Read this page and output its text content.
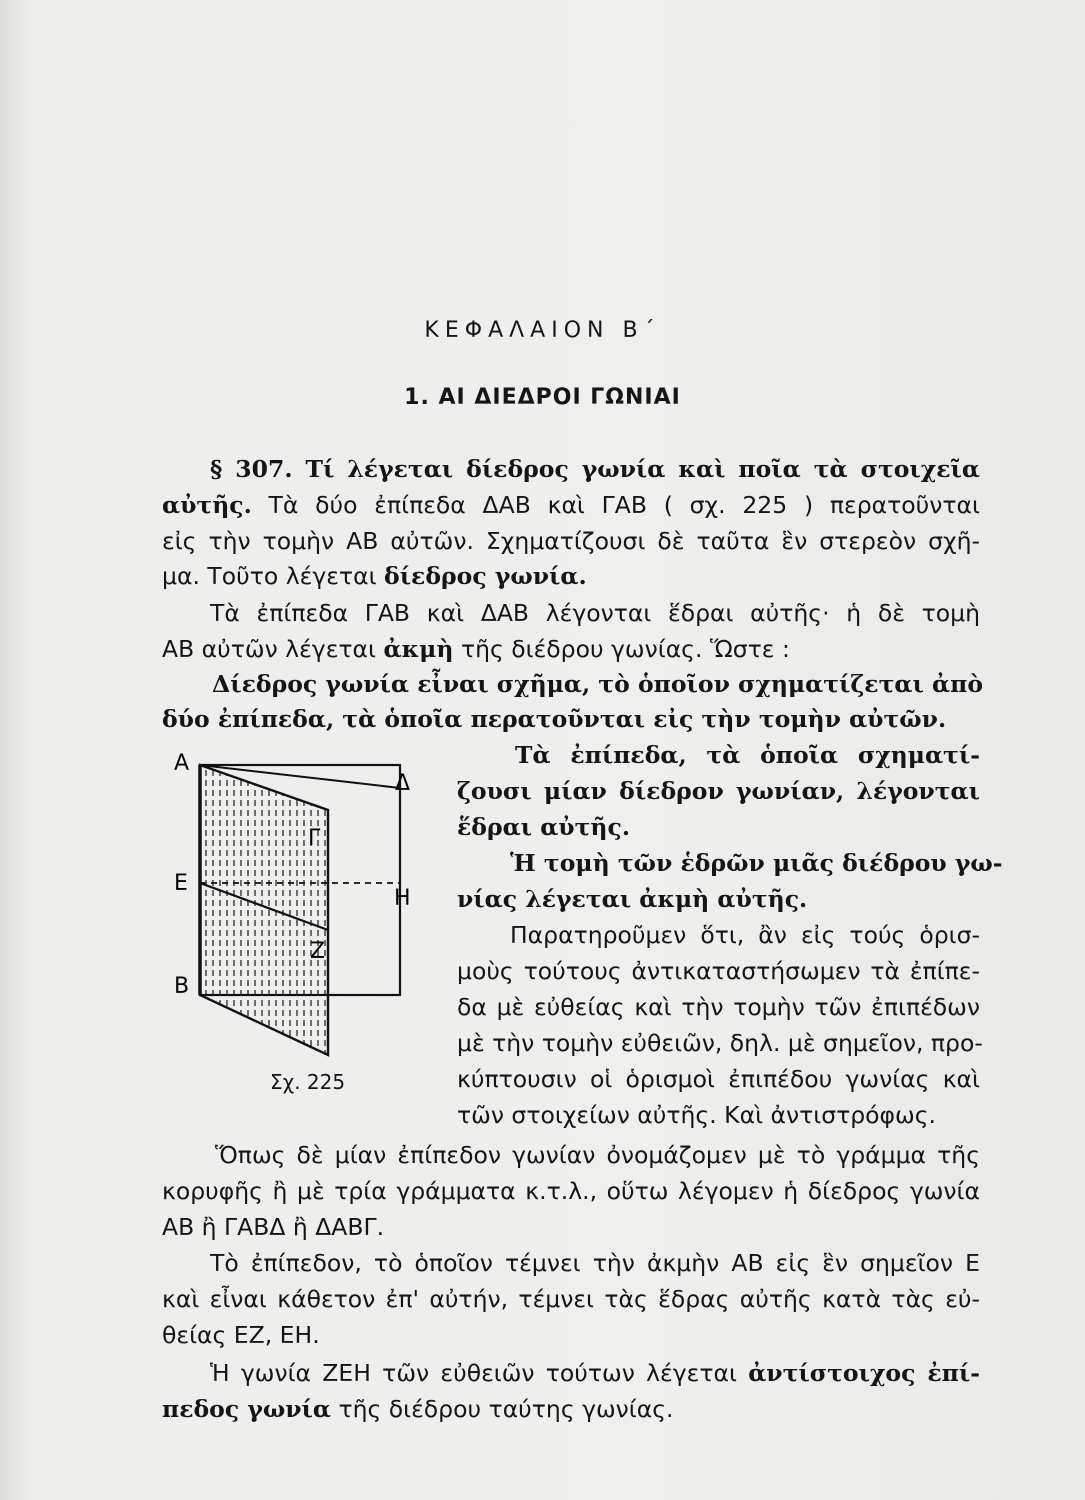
ΚΕΦΑΛΑΙΟΝ Β΄
1. ΑΙ ΔΙΕΔΡΟΙ ΓΩΝΙΑΙ
§ 307. Τί λέγεται δίεδρος γωνία καὶ ποῖα τὰ στοιχεῖα
αὐτῆς. Τὰ δύο ἐπίπεδα ΔΑΒ καὶ ΓΑΒ ( σχ. 225 ) περατοῦνται
εἰς τὴν τομὴν ΑΒ αὐτῶν. Σχηματίζουσι δὲ ταῦτα ἓν στερεὸν σχῆ-
μα. Τοῦτο λέγεται δίεδρος γωνία.
Τὰ ἐπίπεδα ΓΑΒ καὶ ΔΑΒ λέγονται ἕδραι αὐτῆς· ἡ δὲ τομὴ
ΑΒ αὐτῶν λέγεται ἀκμὴ τῆς διέδρου γωνίας. Ὥστε :
Δίεδρος γωνία εἶναι σχῆμα, τὸ ὁποῖον σχηματίζεται ἀπὸ
δύο ἐπίπεδα, τὰ ὁποῖα περατοῦνται εἰς τὴν τομὴν αὐτῶν.
Τὰ ἐπίπεδα, τὰ ὁποῖα σχηματί-
ζουσι μίαν δίεδρον γωνίαν, λέγονται
ἕδραι αὐτῆς.
Ἡ τομὴ τῶν ἑδρῶν μιᾶς διέδρου γω-
νίας λέγεται ἀκμὴ αὐτῆς.
Παρατηροῦμεν ὅτι, ἂν εἰς τούς ὁρισ-
μοὺς τούτους ἀντικαταστήσωμεν τὰ ἐπίπε-
δα μὲ εὐθείας καὶ τὴν τομὴν τῶν ἐπιπέδων
μὲ τὴν τομὴν εὐθειῶν, δηλ. μὲ σημεῖον, προ-
κύπτουσιν οἱ ὁρισμοὶ ἐπιπέδου γωνίας καὶ
τῶν στοιχείων αὐτῆς. Καὶ ἀντιστρόφως.
Ὅπως δὲ μίαν ἐπίπεδον γωνίαν ὀνομάζομεν μὲ τὸ γράμμα τῆς
κορυφῆς ἢ μὲ τρία γράμματα κ.τ.λ., οὕτω λέγομεν ἡ δίεδρος γωνία
ΑΒ ἢ ΓΑΒΔ ἢ ΔΑΒΓ.
Τὸ ἐπίπεδον, τὸ ὁποῖον τέμνει τὴν ἀκμὴν ΑΒ εἰς ἓν σημεῖον Ε
καὶ εἶναι κάθετον ἐπ' αὐτήν, τέμνει τὰς ἕδρας αὐτῆς κατὰ τὰς εὐ-
θείας ΕΖ, ΕΗ.
Ἡ γωνία ΖΕΗ τῶν εὐθειῶν τούτων λέγεται ἀντίστοιχος ἐπί-
πεδος γωνία τῆς διέδρου ταύτης γωνίας.
Α
Δ
Γ
Ε
Η
Ζ
Β
Σχ. 225
